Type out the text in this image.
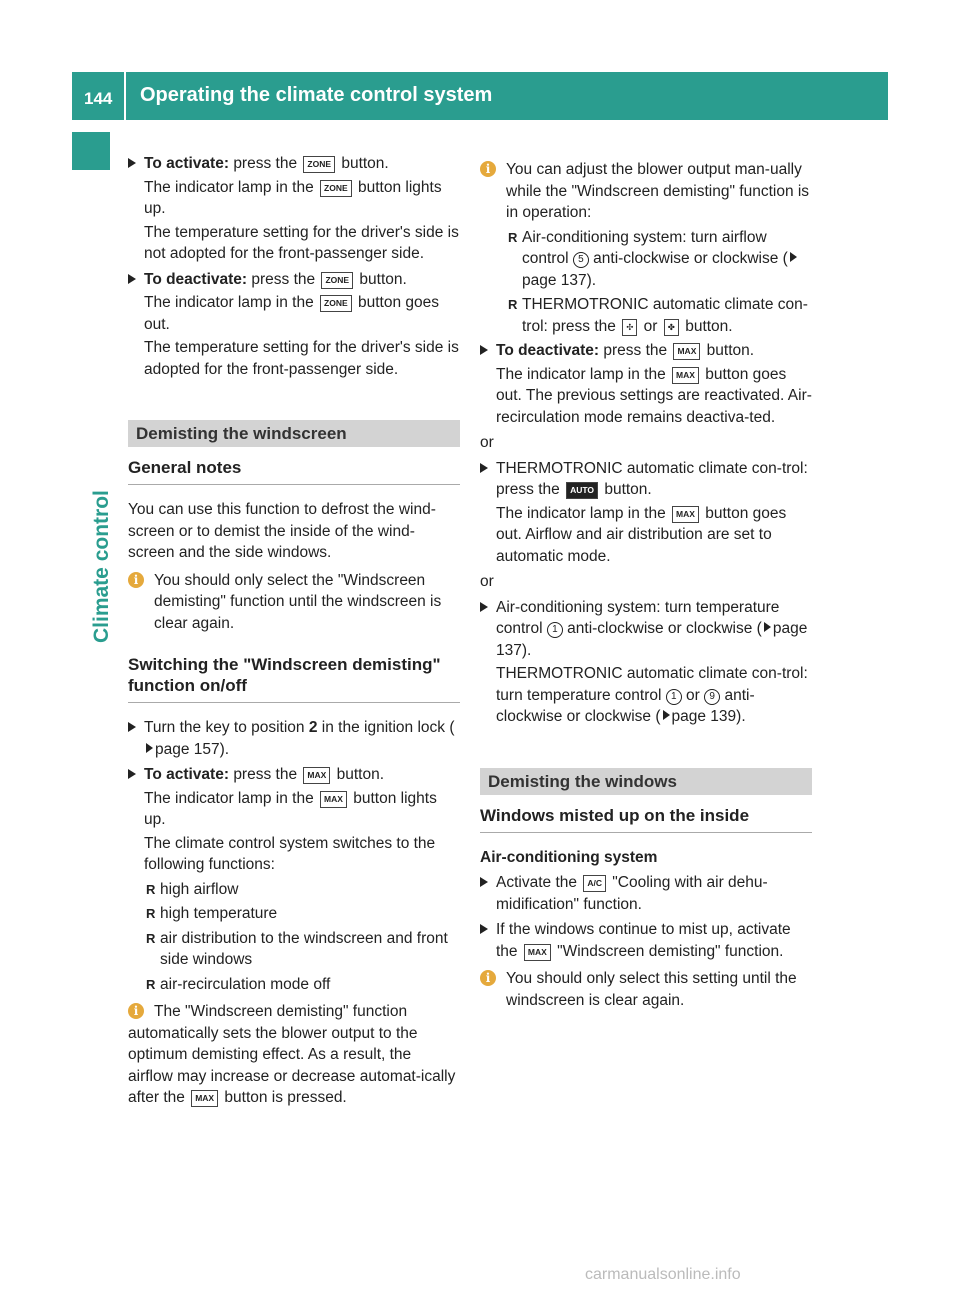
144 Operating the climate control system
Climate control
To activate: press the ZONE button.
The indicator lamp in the ZONE button lights up.
The temperature setting for the driver's side is not adopted for the front-passenger side.
To deactivate: press the ZONE button.
The indicator lamp in the ZONE button goes out.
The temperature setting for the driver's side is adopted for the front-passenger side.
Demisting the windscreen
General notes

You can use this function to defrost the wind-screen or to demist the inside of the wind-screen and the side windows.

i	You should only select the "Windscreen demisting" function until the windscreen is clear again.
Switching the "Windscreen demisting" function on/off
Turn the key to position 2 in the ignition lock (page 157).
To activate: press the MAX button.
The indicator lamp in the MAX button lights up.
The climate control system switches to the following functions:
R high airflow
R high temperature
R air distribution to the windscreen and front side windows
R air-recirculation mode off
i	The "Windscreen demisting" function automatically sets the blower output to the optimum demisting effect. As a result, the airflow may increase or decrease automat-ically after the MAX button is pressed.
i	You can adjust the blower output man-ually while the "Windscreen demisting" function is in operation:
R Air-conditioning system: turn airflow control 5 anti-clockwise or clockwise (page 137).
R THERMOTRONIC automatic climate con-trol: press the ✣ or ✤ button.
To deactivate: press the MAX button.
The indicator lamp in the MAX button goes out. The previous settings are reactivated. Air-recirculation mode remains deactiva-ted.
or
THERMOTRONIC automatic climate con-trol: press the AUTO button.
The indicator lamp in the MAX button goes out. Airflow and air distribution are set to automatic mode.
or
Air-conditioning system: turn temperature control 1 anti-clockwise or clockwise ( page 137).
THERMOTRONIC automatic climate con-trol: turn temperature control 1 or 9 anti-clockwise or clockwise ( page 139).
Demisting the windows
Windows misted up on the inside
Air-conditioning system
Activate the A/C "Cooling with air dehu-midification" function.
If the windows continue to mist up, activate the MAX "Windscreen demisting" function.
i	You should only select this setting until the windscreen is clear again.
carmanualsonline.info
